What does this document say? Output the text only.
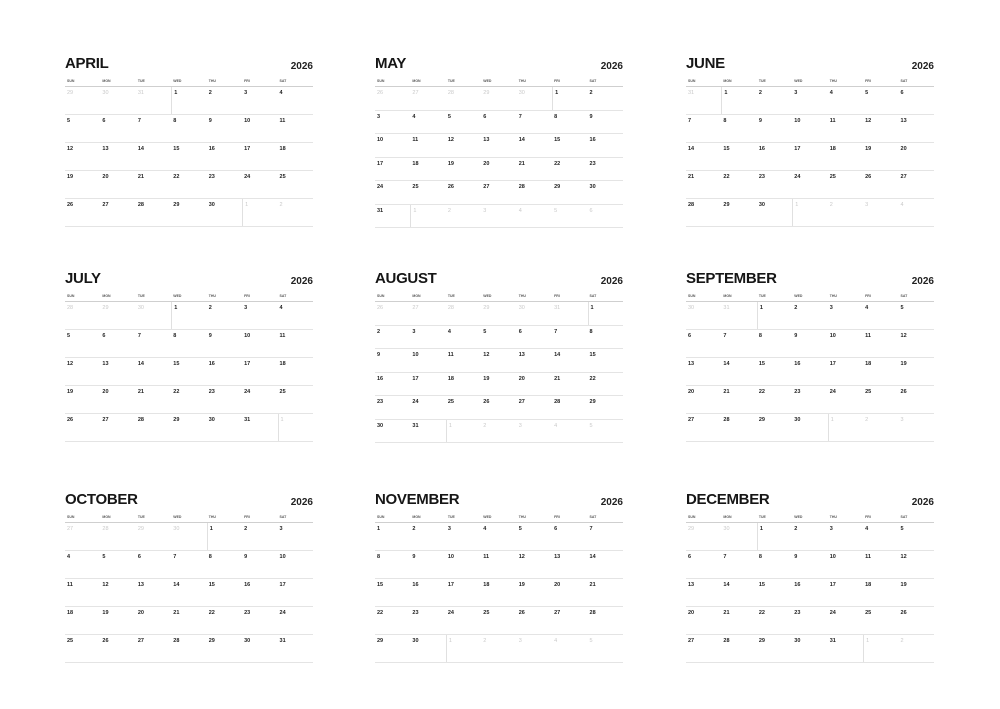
APRIL	2026
SUN	MON	TUE	WED	THU	FRI	SAT
29	30	31	1	2	3	4
5	6	7	8	9	10	11
12	13	14	15	16	17	18
19	20	21	22	23	24	25
26	27	28	29	30	1	2
MAY	2026
SUN	MON	TUE	WED	THU	FRI	SAT
26	27	28	29	30	1	2
3	4	5	6	7	8	9
10	11	12	13	14	15	16
17	18	19	20	21	22	23
24	25	26	27	28	29	30
31	1	2	3	4	5	6
JUNE	2026
SUN	MON	TUE	WED	THU	FRI	SAT
31	1	2	3	4	5	6
7	8	9	10	11	12	13
14	15	16	17	18	19	20
21	22	23	24	25	26	27
28	29	30	1	2	3	4
JULY	2026
SUN	MON	TUE	WED	THU	FRI	SAT
28	29	30	1	2	3	4
5	6	7	8	9	10	11
12	13	14	15	16	17	18
19	20	21	22	23	24	25
26	27	28	29	30	31	1
AUGUST	2026
SUN	MON	TUE	WED	THU	FRI	SAT
26	27	28	29	30	31	1
2	3	4	5	6	7	8
9	10	11	12	13	14	15
16	17	18	19	20	21	22
23	24	25	26	27	28	29
30	31	1	2	3	4	5
SEPTEMBER	2026
SUN	MON	TUE	WED	THU	FRI	SAT
30	31	1	2	3	4	5
6	7	8	9	10	11	12
13	14	15	16	17	18	19
20	21	22	23	24	25	26
27	28	29	30	1	2	3
OCTOBER	2026
SUN	MON	TUE	WED	THU	FRI	SAT
27	28	29	30	1	2	3
4	5	6	7	8	9	10
11	12	13	14	15	16	17
18	19	20	21	22	23	24
25	26	27	28	29	30	31
NOVEMBER	2026
SUN	MON	TUE	WED	THU	FRI	SAT
1	2	3	4	5	6	7
8	9	10	11	12	13	14
15	16	17	18	19	20	21
22	23	24	25	26	27	28
29	30	1	2	3	4	5
DECEMBER	2026
SUN	MON	TUE	WED	THU	FRI	SAT
29	30	1	2	3	4	5
6	7	8	9	10	11	12
13	14	15	16	17	18	19
20	21	22	23	24	25	26
27	28	29	30	31	1	2
